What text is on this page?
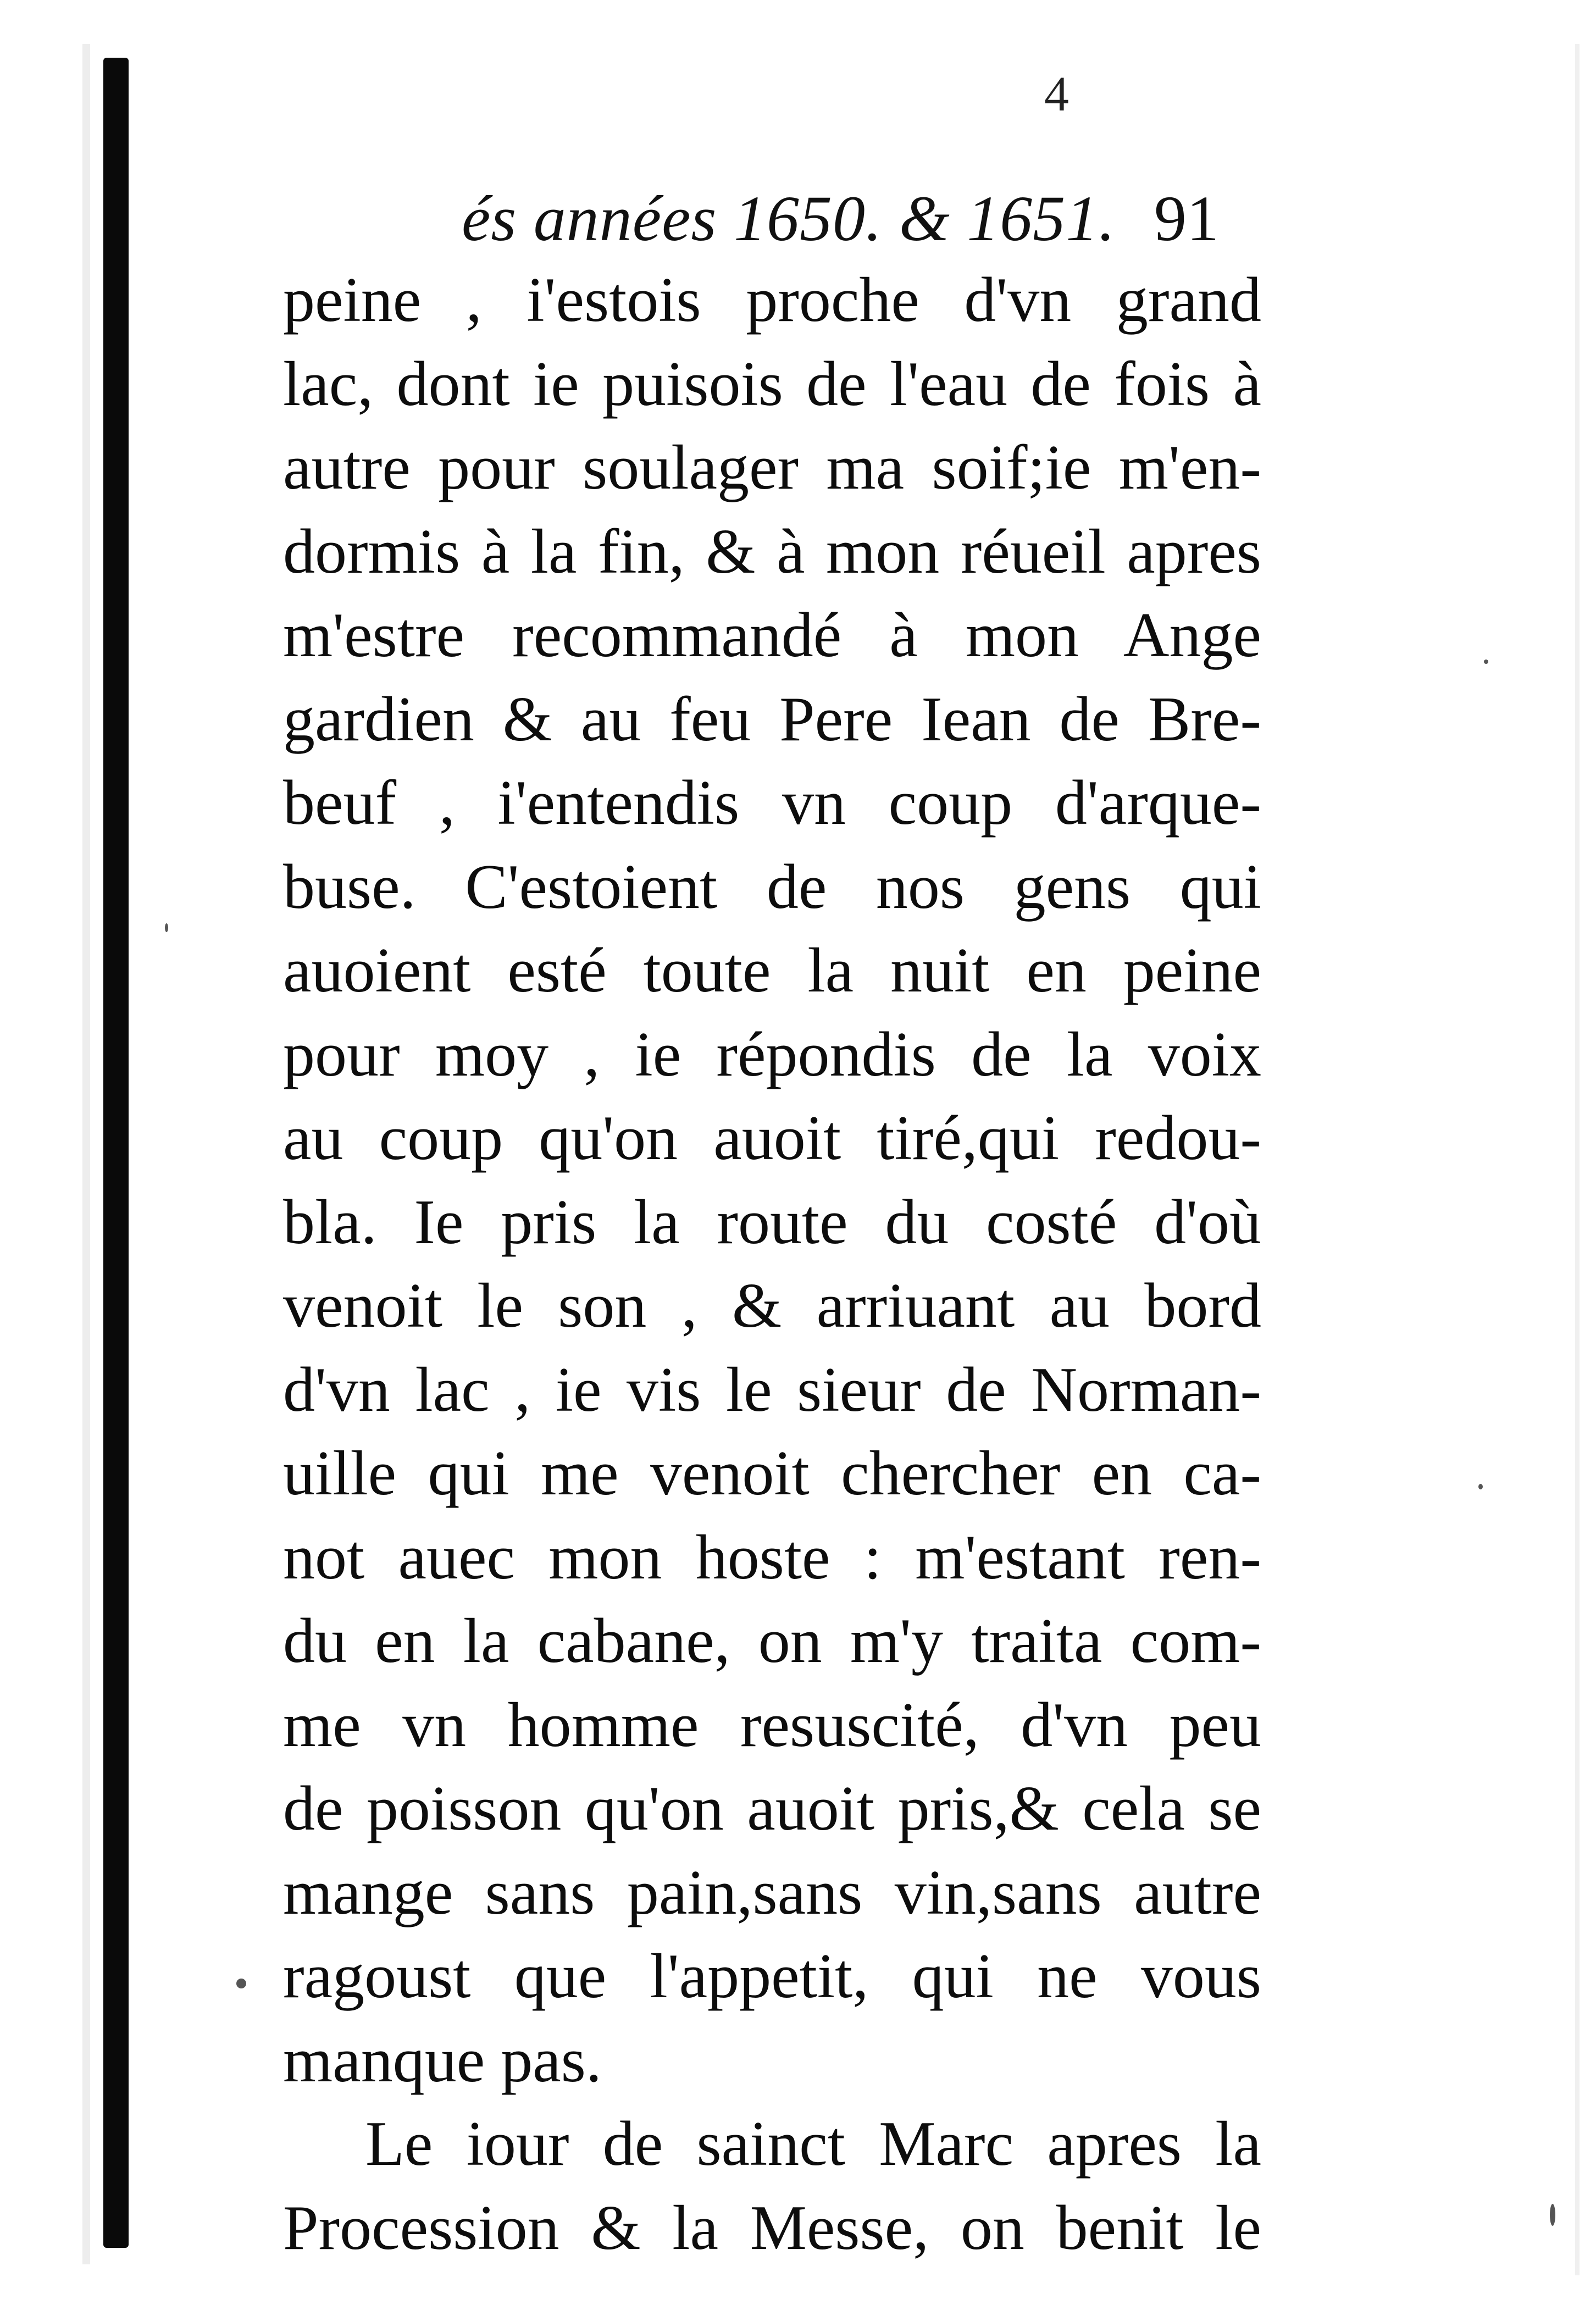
4
és années 1650. & 1651. 91
peine , i'estois proche d'vn grand
lac, dont ie puisois de l'eau de fois à
autre pour soulager ma soif;ie m'en-
dormis à la fin, & à mon réueil apres
m'estre recommandé à mon Ange
gardien & au feu Pere Iean de Bre-
beuf , i'entendis vn coup d'arque-
buse. C'estoient de nos gens qui
auoient esté toute la nuit en peine
pour moy , ie répondis de la voix
au coup qu'on auoit tiré,qui redou-
bla. Ie pris la route du costé d'où
venoit le son , & arriuant au bord
d'vn lac , ie vis le sieur de Norman-
uille qui me venoit chercher en ca-
not auec mon hoste : m'estant ren-
du en la cabane, on m'y traita com-
me vn homme resuscité, d'vn peu
de poisson qu'on auoit pris,& cela se
mange sans pain,sans vin,sans autre
ragoust que l'appetit, qui ne vous
manque pas.
Le iour de sainct Marc apres la
Procession & la Messe, on benit le
